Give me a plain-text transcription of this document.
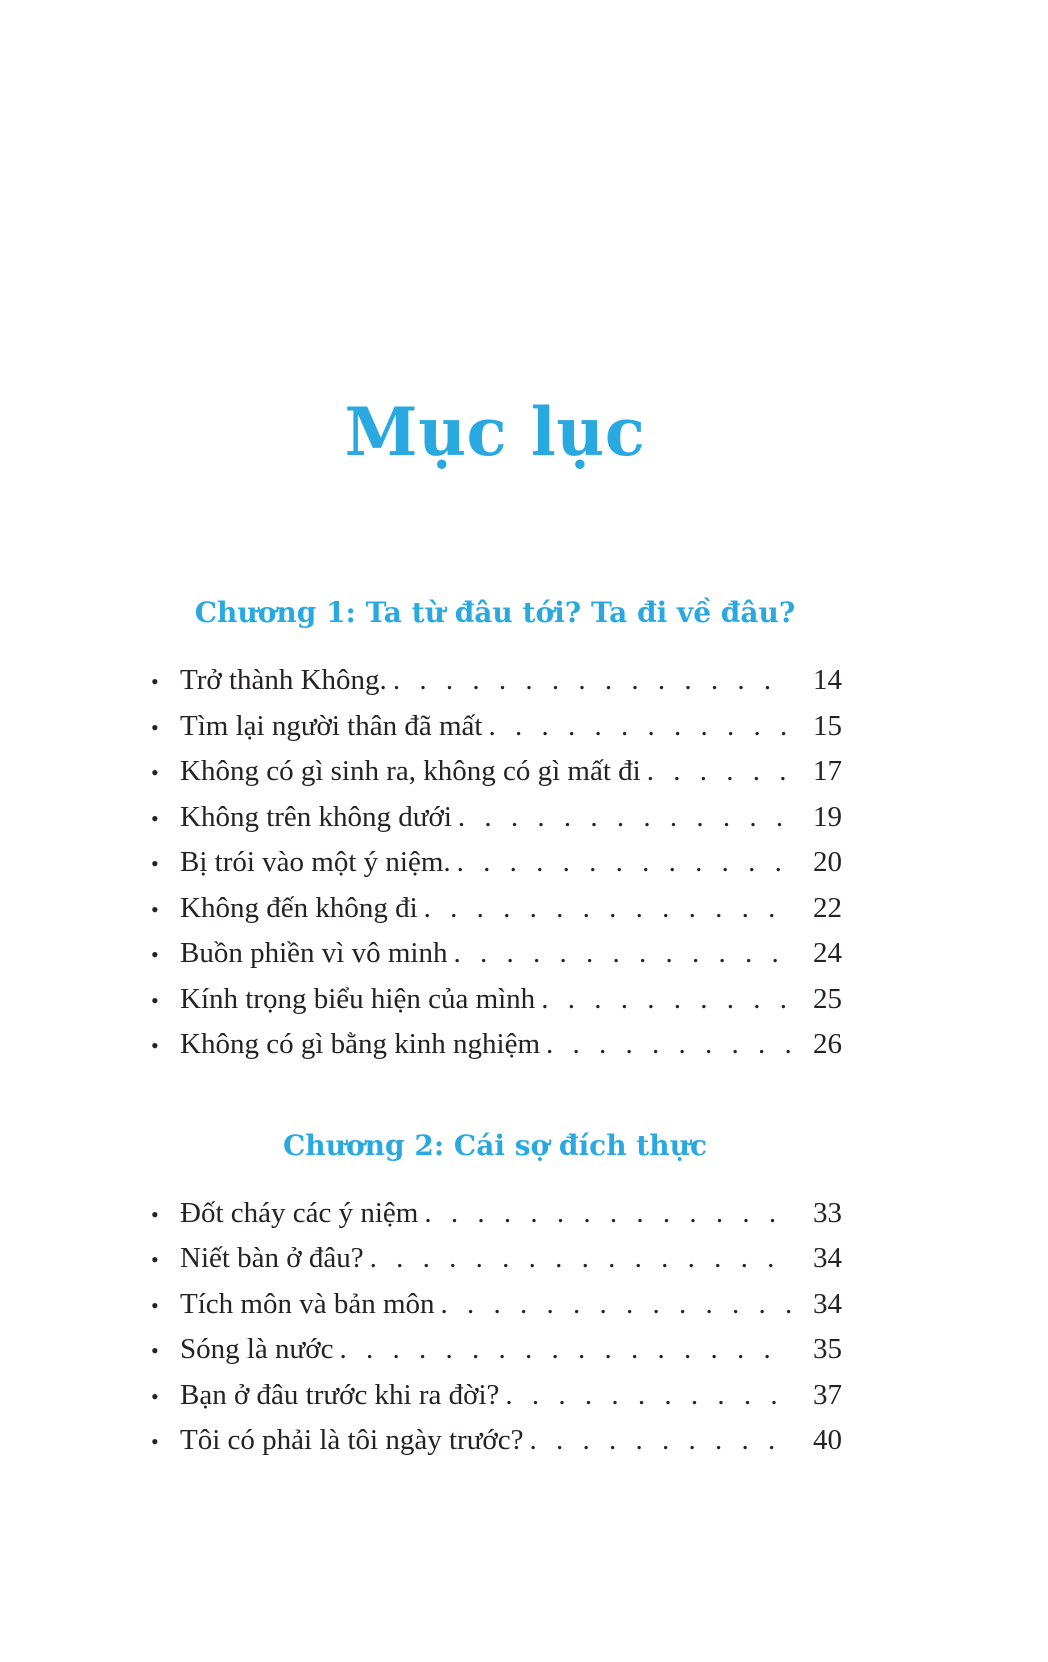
Mục lục
Chương 1: Ta từ đâu tới? Ta đi về đâu?
• Trở thành Không. . . .	14
• Tìm lại người thân đã mất . . .	15
• Không có gì sinh ra, không có gì mất đi . . .	17
• Không trên không dưới . . .	19
• Bị trói vào một ý niệm. . . .	20
• Không đến không đi . . .	22
• Buồn phiền vì vô minh . . .	24
• Kính trọng biểu hiện của mình . . .	25
• Không có gì bằng kinh nghiệm . . .	26
Chương 2: Cái sợ đích thực
• Đốt cháy các ý niệm . . .	33
• Niết bàn ở đâu? . . .	34
• Tích môn và bản môn . . .	34
• Sóng là nước . . .	35
• Bạn ở đâu trước khi ra đời? . . .	37
• Tôi có phải là tôi ngày trước? . . .	40
